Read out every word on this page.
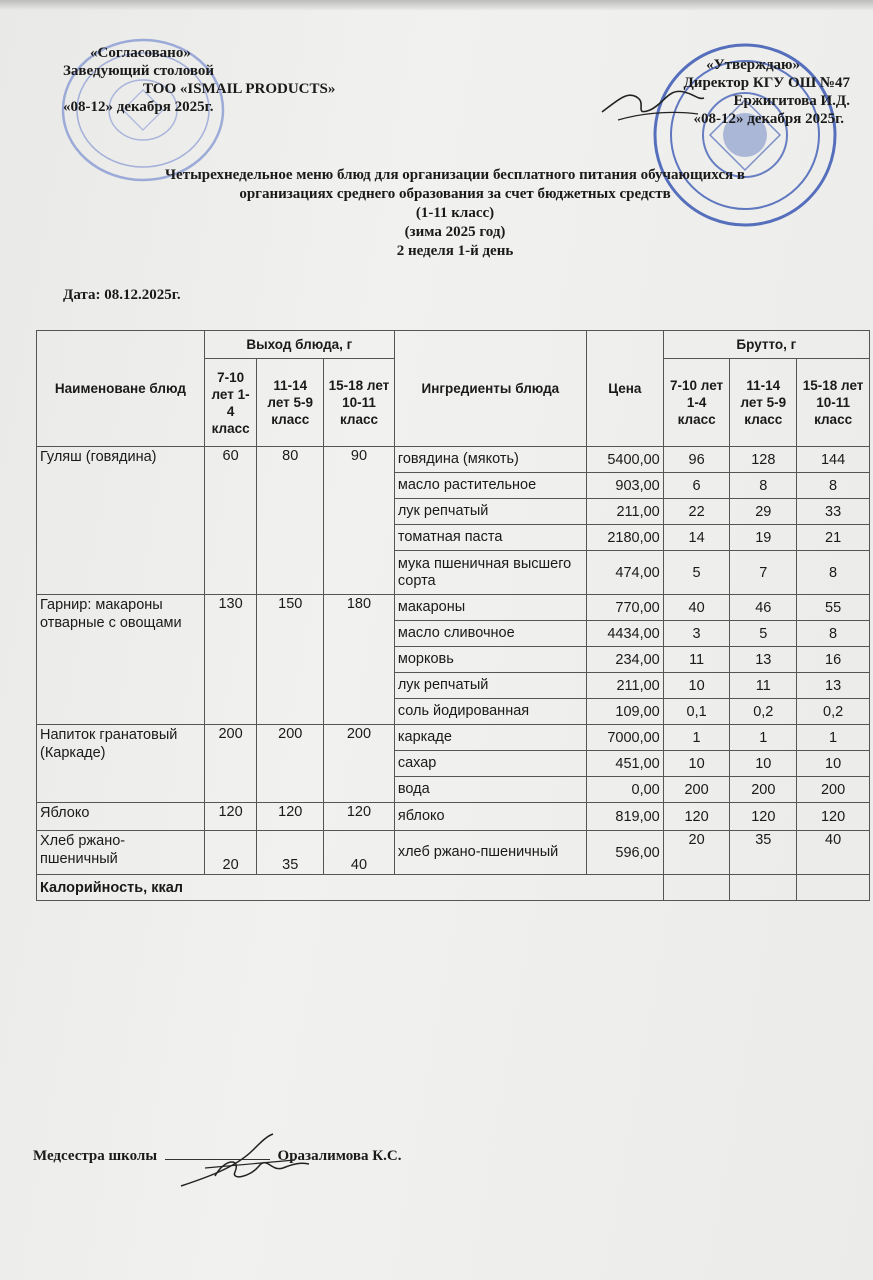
«Согласовано»
Заведующий столовой
ТОО «ISMAIL PRODUCTS»
«08-12» декабря 2025г.
«Утверждаю»
Директор КГУ ОШ №47
Ержигитова И.Д.
«08-12» декабря 2025г.
Четырехнедельное меню блюд для организации бесплатного питания обучающихся в
организациях среднего образования за счет бюджетных средств
(1-11 класс)
(зима 2025 год)
2 неделя 1-й день
Дата: 08.12.2025г.
Наименоване блюд	Выход блюда, г			Ингредиенты блюда	Цена	Брутто, г		
	7-10 лет 1-4 класс	11-14 лет 5-9 класс	15-18 лет 10-11 класс			7-10 лет 1-4 класс	11-14 лет 5-9 класс	15-18 лет 10-11 класс
Гуляш (говядина)	60	80	90	говядина (мякоть)	5400,00	96	128	144
				масло растительное	903,00	6	8	8
				лук репчатый	211,00	22	29	33
				томатная паста	2180,00	14	19	21
				мука пшеничная высшего сорта	474,00	5	7	8
Гарнир: макароны отварные с овощами	130	150	180	макароны	770,00	40	46	55
				масло сливочное	4434,00	3	5	8
				морковь	234,00	11	13	16
				лук репчатый	211,00	10	11	13
				соль йодированная	109,00	0,1	0,2	0,2
Напиток гранатовый (Каркаде)	200	200	200	каркаде	7000,00	1	1	1
				сахар	451,00	10	10	10
				вода	0,00	200	200	200
Яблоко	120	120	120	яблоко	819,00	120	120	120
Хлеб ржано-пшеничный	20	35	40	хлеб ржано-пшеничный	596,00	20	35	40
Калорийность, ккал								
Медсестра школы	Оразалимова К.С.
